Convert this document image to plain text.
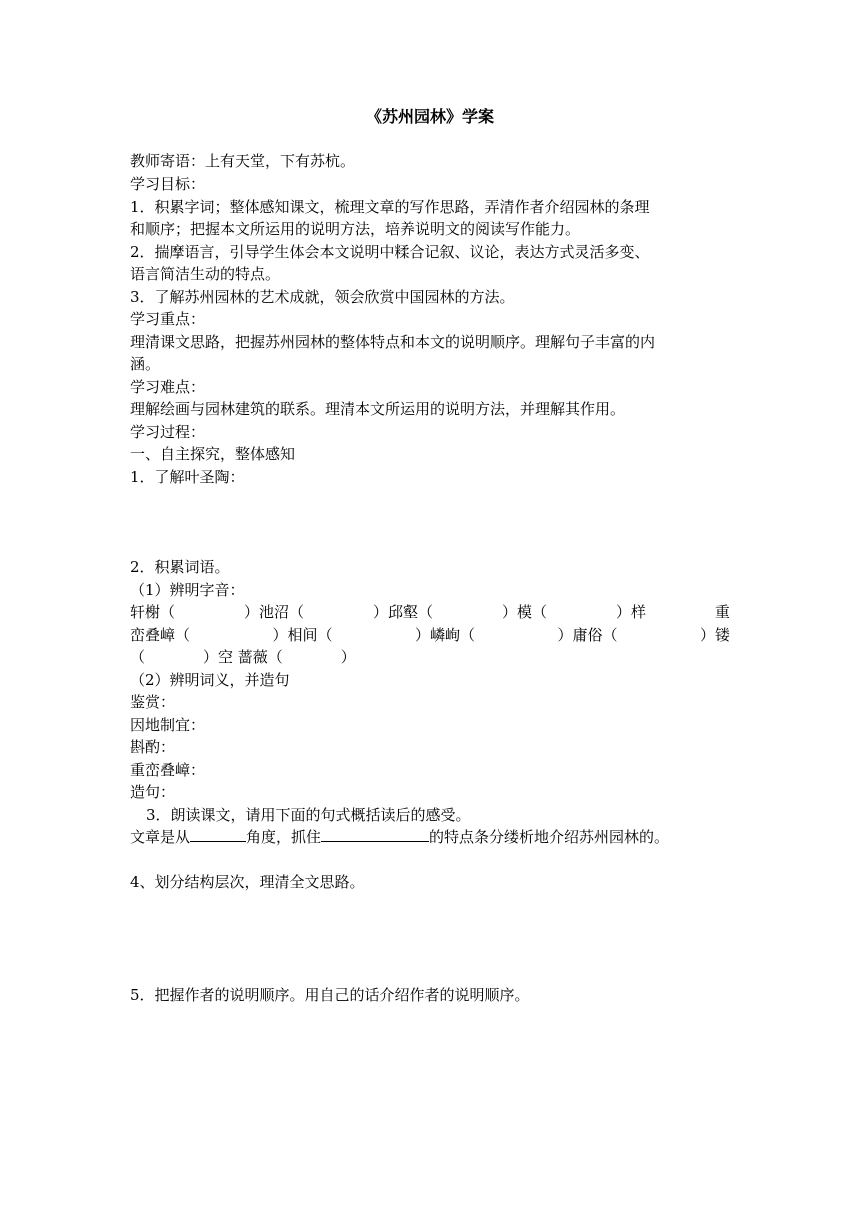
《苏州园林》学案
教师寄语：上有天堂，下有苏杭。
学习目标：
1．积累字词；整体感知课文，梳理文章的写作思路，弄清作者介绍园林的条理
和顺序；把握本文所运用的说明方法，培养说明文的阅读写作能力。
2．揣摩语言，引导学生体会本文说明中糅合记叙、议论，表达方式灵活多变、
语言简洁生动的特点。
3．了解苏州园林的艺术成就，领会欣赏中国园林的方法。
学习重点：
理清课文思路，把握苏州园林的整体特点和本文的说明顺序。理解句子丰富的内
涵。
学习难点：
理解绘画与园林建筑的联系。理清本文所运用的说明方法，并理解其作用。
学习过程：
一、自主探究，整体感知
1．了解叶圣陶：
2．积累词语。
（1）辨明字音：
轩榭（	）池沼（	）邱壑（	）模（	）样	重
峦叠嶂（	）相间（	）嶙峋（	）庸俗（	）镂
（	）空 蔷薇（	）
（2）辨明词义，并造句
鉴赏：
因地制宜：
斟酌：
重峦叠嶂：
造句：
3．朗读课文，请用下面的句式概括读后的感受。
文章是从	角度，抓住	的特点条分缕析地介绍苏州园林的。
4、划分结构层次，理清全文思路。
5．把握作者的说明顺序。用自己的话介绍作者的说明顺序。
